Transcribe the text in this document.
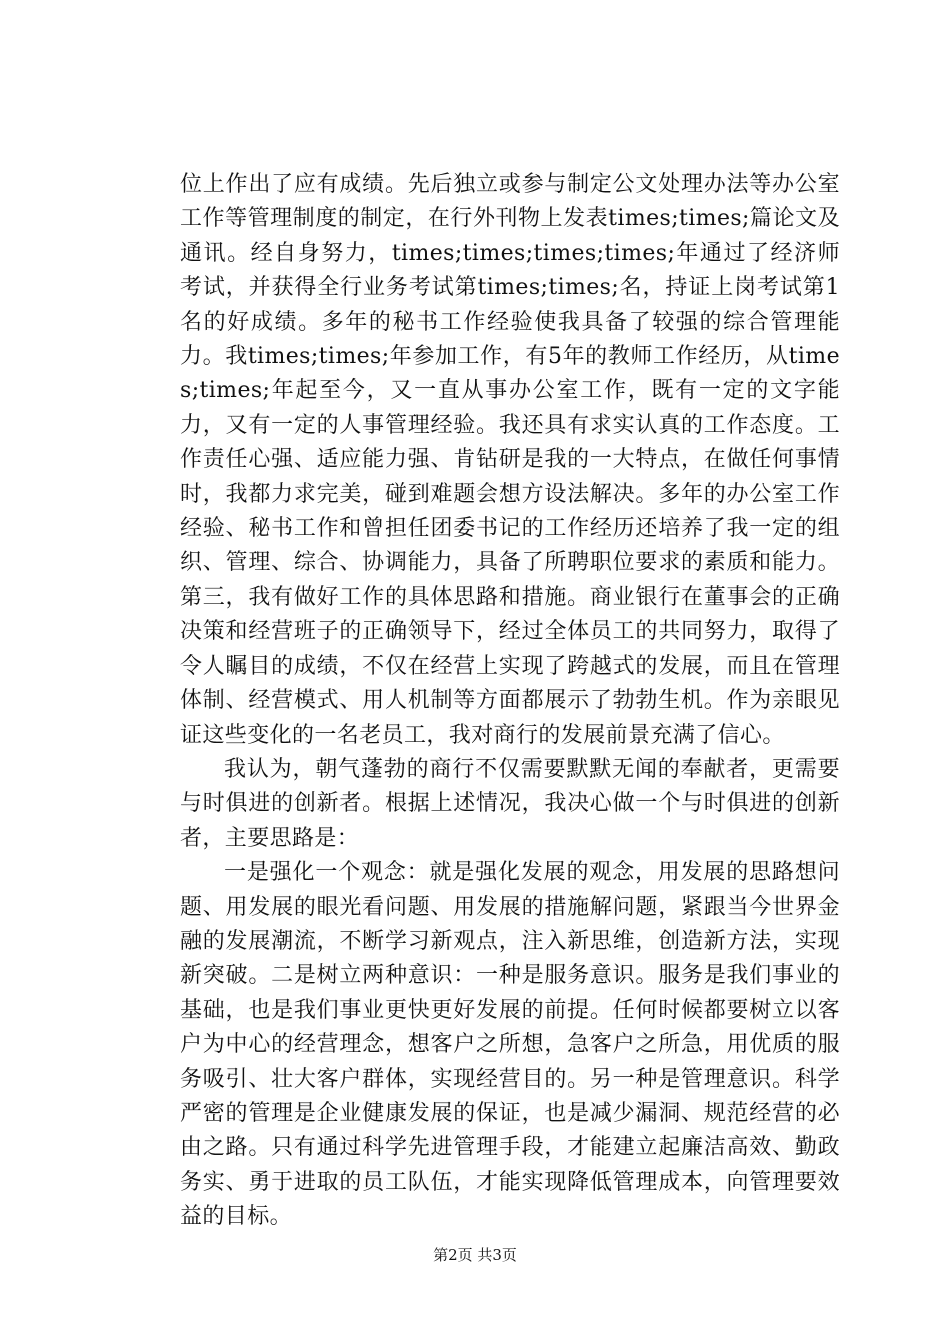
位上作出了应有成绩。先后独立或参与制定公文处理办法等办公室工作等管理制度的制定，在行外刊物上发表times;times;篇论文及通讯。经自身努力，times;times;times;times;年通过了经济师考试，并获得全行业务考试第times;times;名，持证上岗考试第1名的好成绩。多年的秘书工作经验使我具备了较强的综合管理能力。我times;times;年参加工作，有5年的教师工作经历，从times;times;年起至今，又一直从事办公室工作，既有一定的文字能力，又有一定的人事管理经验。我还具有求实认真的工作态度。工作责任心强、适应能力强、肯钻研是我的一大特点，在做任何事情时，我都力求完美，碰到难题会想方设法解决。多年的办公室工作经验、秘书工作和曾担任团委书记的工作经历还培养了我一定的组织、管理、综合、协调能力，具备了所聘职位要求的素质和能力。第三，我有做好工作的具体思路和措施。商业银行在董事会的正确决策和经营班子的正确领导下，经过全体员工的共同努力，取得了令人瞩目的成绩，不仅在经营上实现了跨越式的发展，而且在管理体制、经营模式、用人机制等方面都展示了勃勃生机。作为亲眼见证这些变化的一名老员工，我对商行的发展前景充满了信心。

我认为，朝气蓬勃的商行不仅需要默默无闻的奉献者，更需要与时俱进的创新者。根据上述情况，我决心做一个与时俱进的创新者，主要思路是：

一是强化一个观念：就是强化发展的观念，用发展的思路想问题、用发展的眼光看问题、用发展的措施解问题，紧跟当今世界金融的发展潮流，不断学习新观点，注入新思维，创造新方法，实现新突破。二是树立两种意识：一种是服务意识。服务是我们事业的基础，也是我们事业更快更好发展的前提。任何时候都要树立以客户为中心的经营理念，想客户之所想，急客户之所急，用优质的服务吸引、壮大客户群体，实现经营目的。另一种是管理意识。科学严密的管理是企业健康发展的保证，也是减少漏洞、规范经营的必由之路。只有通过科学先进管理手段，才能建立起廉洁高效、勤政务实、勇于进取的员工队伍，才能实现降低管理成本，向管理要效益的目标。

第2页 共3页
